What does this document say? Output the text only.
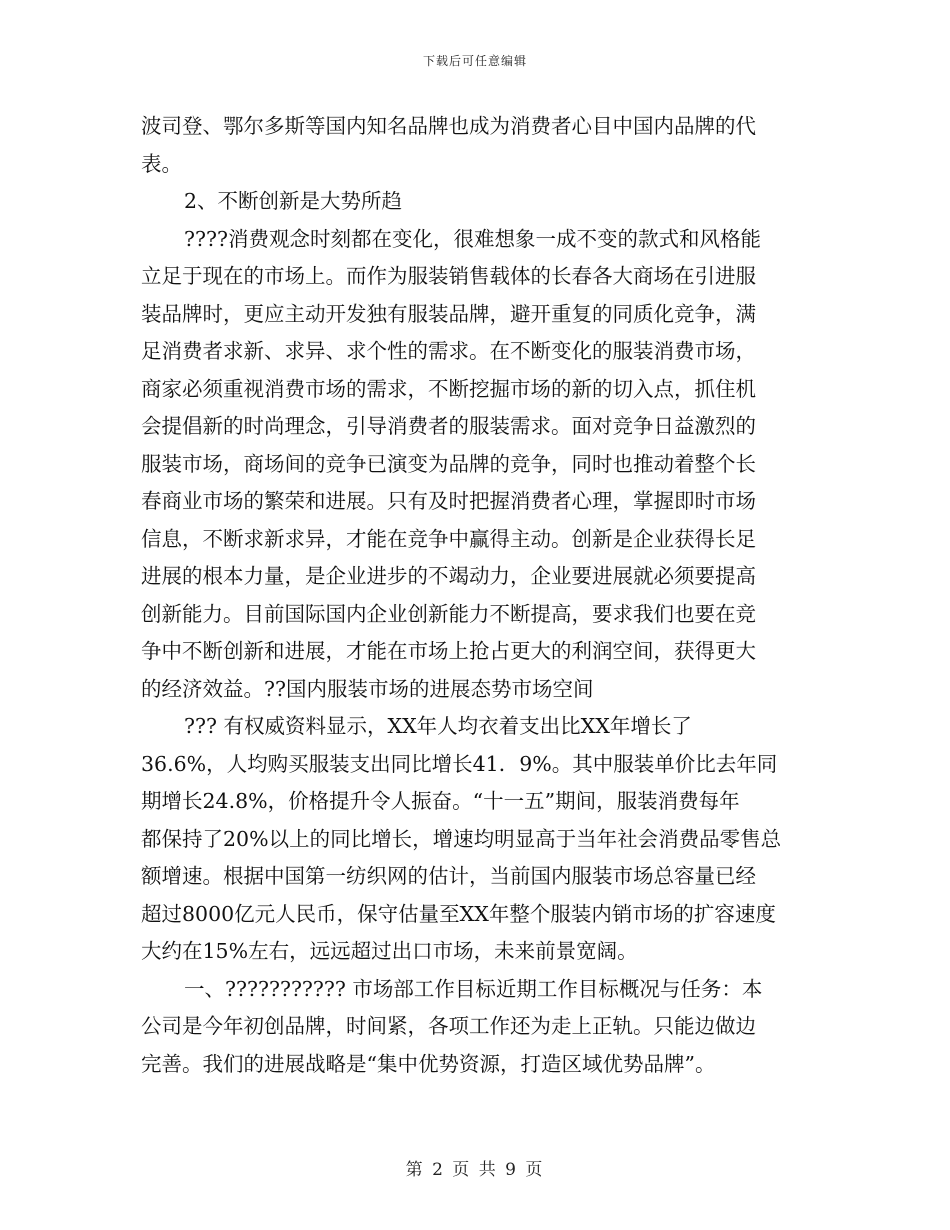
下载后可任意编辑
波司登、鄂尔多斯等国内知名品牌也成为消费者心目中国内品牌的代
表。
2、不断创新是大势所趋
????消费观念时刻都在变化，很难想象一成不变的款式和风格能
立足于现在的市场上。而作为服装销售载体的长春各大商场在引进服
装品牌时，更应主动开发独有服装品牌，避开重复的同质化竞争，满
足消费者求新、求异、求个性的需求。在不断变化的服装消费市场，
商家必须重视消费市场的需求，不断挖掘市场的新的切入点，抓住机
会提倡新的时尚理念，引导消费者的服装需求。面对竞争日益激烈的
服装市场，商场间的竞争已演变为品牌的竞争，同时也推动着整个长
春商业市场的繁荣和进展。只有及时把握消费者心理，掌握即时市场
信息，不断求新求异，才能在竞争中赢得主动。创新是企业获得长足
进展的根本力量，是企业进步的不竭动力，企业要进展就必须要提高
创新能力。目前国际国内企业创新能力不断提高，要求我们也要在竞
争中不断创新和进展，才能在市场上抢占更大的利润空间，获得更大
的经济效益。??国内服装市场的进展态势市场空间
??? 有权威资料显示，XX年人均衣着支出比XX年增长了
36.6%，人均购买服装支出同比增长41．9%。其中服装单价比去年同
期增长24.8%，价格提升令人振奋。“十一五”期间，服装消费每年
都保持了20%以上的同比增长，增速均明显高于当年社会消费品零售总
额增速。根据中国第一纺织网的估计，当前国内服装市场总容量已经
超过8000亿元人民币，保守估量至XX年整个服装内销市场的扩容速度
大约在15%左右，远远超过出口市场，未来前景宽阔。
一、??????????? 市场部工作目标近期工作目标概况与任务：本
公司是今年初创品牌，时间紧，各项工作还为走上正轨。只能边做边
完善。我们的进展战略是“集中优势资源，打造区域优势品牌”。
第 2 页 共 9 页
